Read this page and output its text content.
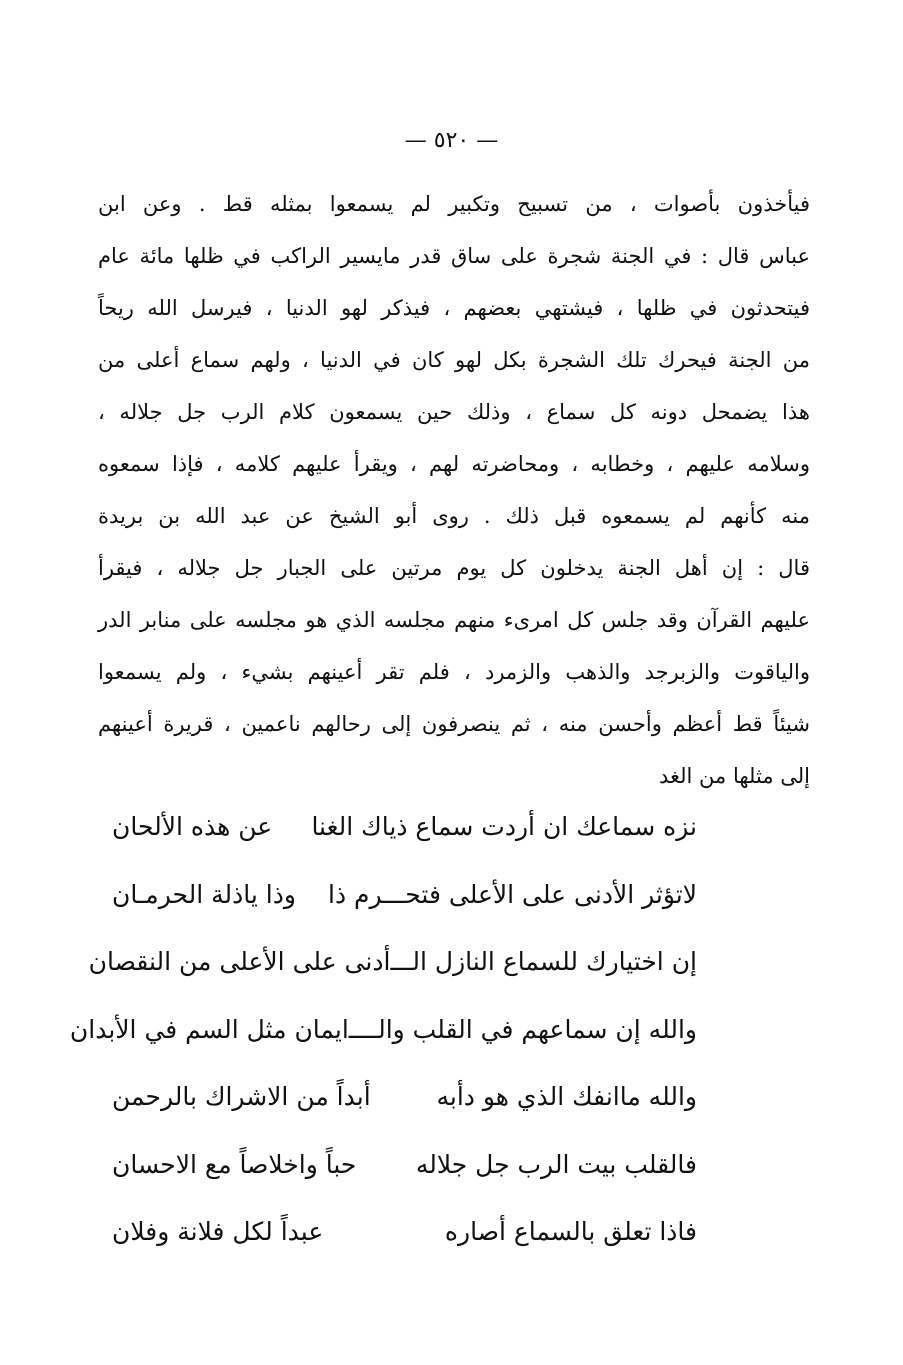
— ٥٢٠ —
فيأخذون بأصوات ، من تسبيح وتكبير لم يسمعوا بمثله قط . وعن ابن
عباس قال : في الجنة شجرة على ساق قدر مايسير الراكب في ظلها مائة عام
فيتحدثون في ظلها ، فيشتهي بعضهم ، فيذكر لهو الدنيا ، فيرسل الله ريحاً
من الجنة فيحرك تلك الشجرة بكل لهو كان في الدنيا ، ولهم سماع أعلى من
هذا يضمحل دونه كل سماع ، وذلك حين يسمعون كلام الرب جل جلاله ،
وسلامه عليهم ، وخطابه ، ومحاضرته لهم ، ويقرأ عليهم كلامه ، فإذا سمعوه
منه كأنهم لم يسمعوه قبل ذلك . روى أبو الشيخ عن عبد الله بن بريدة
قال : إن أهل الجنة يدخلون كل يوم مرتين على الجبار جل جلاله ، فيقرأ
عليهم القرآن وقد جلس كل امرىء منهم مجلسه الذي هو مجلسه على منابر الدر
والياقوت والزبرجد والذهب والزمرد ، فلم تقر أعينهم بشيء ، ولم يسمعوا
شيئاً قط أعظم وأحسن منه ، ثم ينصرفون إلى رحالهم ناعمين ، قريرة أعينهم
إلى مثلها من الغد
نزه سماعك ان أردت سماع ذياك الغنا
عن هذه الألحان
لاتؤثر الأدنى على الأعلى فتحـــرم ذا
وذا ياذلة الحرمـان
إن اختيارك للسماع النازل الـــ
أدنى على الأعلى من النقصان
والله إن سماعهم في القلب والــــ
ايمان مثل السم في الأبدان
والله ماانفك الذي هو دأبه
أبداً من الاشراك بالرحمن
فالقلب بيت الرب جل جلاله
حباً واخلاصاً مع الاحسان
فاذا تعلق بالسماع أصاره
عبداً لكل فلانة وفلان
